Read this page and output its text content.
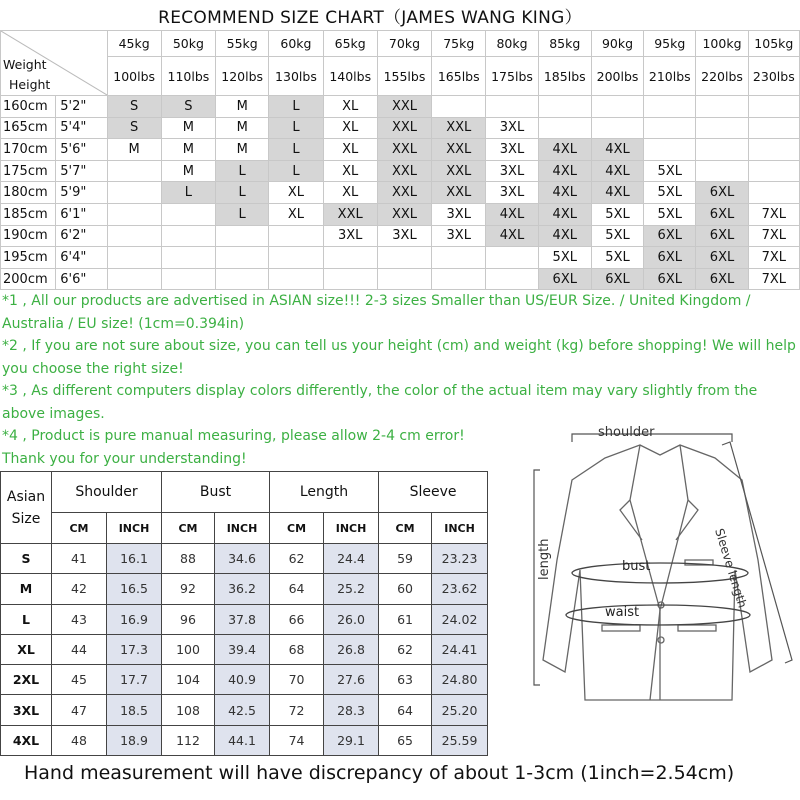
RECOMMEND SIZE CHART（JAMES WANG KING）
Weight
Height		45kg	50kg	55kg	60kg	65kg	70kg	75kg	80kg	85kg	90kg	95kg	100kg	105kg
		100lbs	110lbs	120lbs	130lbs	140lbs	155lbs	165lbs	175lbs	185lbs	200lbs	210lbs	220lbs	230lbs
160cm	5'2"	S	S	M	L	XL	XXL							
165cm	5'4"	S	M	M	L	XL	XXL	XXL	3XL					
170cm	5'6"	M	M	M	L	XL	XXL	XXL	3XL	4XL	4XL			
175cm	5'7"		M	L	L	XL	XXL	XXL	3XL	4XL	4XL	5XL		
180cm	5'9"		L	L	XL	XL	XXL	XXL	3XL	4XL	4XL	5XL	6XL	
185cm	6'1"			L	XL	XXL	XXL	3XL	4XL	4XL	5XL	5XL	6XL	7XL
190cm	6'2"					3XL	3XL	3XL	4XL	4XL	5XL	6XL	6XL	7XL
195cm	6'4"									5XL	5XL	6XL	6XL	7XL
200cm	6'6"									6XL	6XL	6XL	6XL	7XL

*1 , All our products are advertised in ASIAN size!!! 2-3 sizes Smaller than US/EUR Size. / United Kingdom / Australia / EU size! (1cm=0.394in)

*2 , If you are not sure about size, you can tell us your height (cm) and weight (kg) before shopping! We will help you choose the right size!

*3 , As different computers display colors differently, the color of the actual item may vary slightly from the above images.

*4 , Product is pure manual measuring, please allow 2-4 cm error!

Thank you for your understanding!

Asian
Size	Shoulder		Bust		Length		Sleeve	
	CM	INCH	CM	INCH	CM	INCH	CM	INCH
S	41	16.1	88	34.6	62	24.4	59	23.23
M	42	16.5	92	36.2	64	25.2	60	23.62
L	43	16.9	96	37.8	66	26.0	61	24.02
XL	44	17.3	100	39.4	68	26.8	62	24.41
2XL	45	17.7	104	40.9	70	27.6	63	24.80
3XL	47	18.5	108	42.5	72	28.3	64	25.20
4XL	48	18.9	112	44.1	74	29.1	65	25.59
shoulder
bust
waist
length	Sleeve length
Hand measurement will have discrepancy of about 1-3cm (1inch=2.54cm)
